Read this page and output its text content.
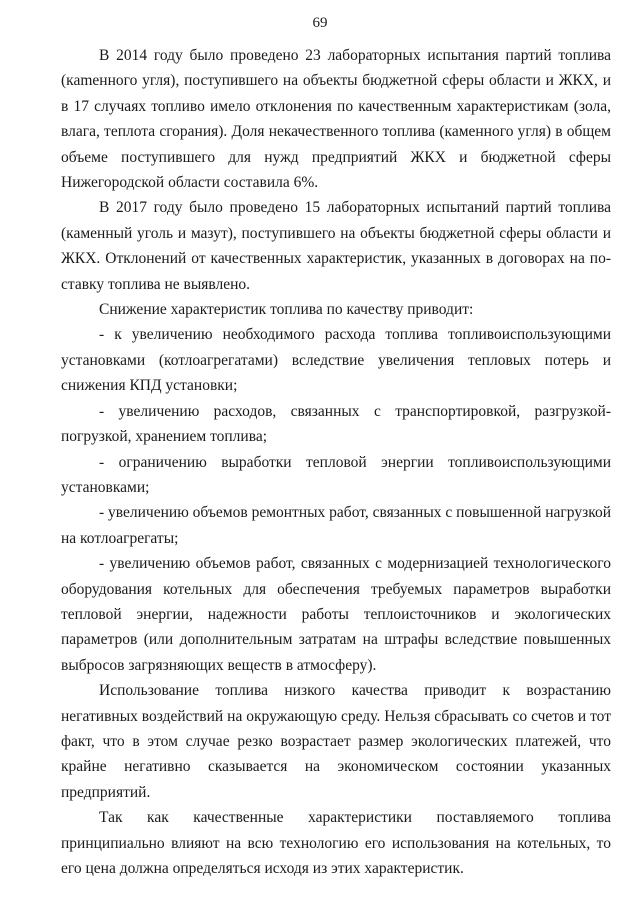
69

В 2014 году было проведено 23 лабораторных испытания партий топлива (каmенного угля), поступившего на объекты бюджетной сферы области и ЖКХ, и в 17 случаях топливо имело отклонения по качественным характеристикам (зола, влага, теплота сгорания). Доля некачественного топлива (каменного угля) в общем объеме поступившего для нужд предприятий ЖКХ и бюджетной сферы Нижегородской области составила 6%.

В 2017 году было проведено 15 лабораторных испытаний партий топлива (каменный уголь и мазут), поступившего на объекты бюджетной сферы области и ЖКХ. Отклонений от качественных характеристик, указанных в договорах на поставку топлива не выявлено.

Снижение характеристик топлива по качеству приводит:

- к увеличению необходимого расхода топлива топливоиспользующими установками (котлоагрегатами) вследствие увеличения тепловых потерь и снижения КПД установки;

- увеличению расходов, связанных с транспортировкой, разгрузкой-погрузкой, хранением топлива;

- ограничению выработки тепловой энергии топливоиспользующими установками;

- увеличению объемов ремонтных работ, связанных с повышенной нагрузкой на котлоагрегаты;

- увеличению объемов работ, связанных с модернизацией технологического оборудования котельных для обеспечения требуемых параметров выработки тепловой энергии, надежности работы теплоисточников и экологических параметров (или дополнительным затратам на штрафы вследствие повышенных выбросов загрязняющих веществ в атмосферу).

Использование топлива низкого качества приводит к возрастанию негативных воздействий на окружающую среду. Нельзя сбрасывать со счетов и тот факт, что в этом случае резко возрастает размер экологических платежей, что крайне негативно сказывается на экономическом состоянии указанных предприятий.

Так как качественные характеристики поставляемого топлива принципиально влияют на всю технологию его использования на котельных, то его цена должна определяться исходя из этих характеристик.
